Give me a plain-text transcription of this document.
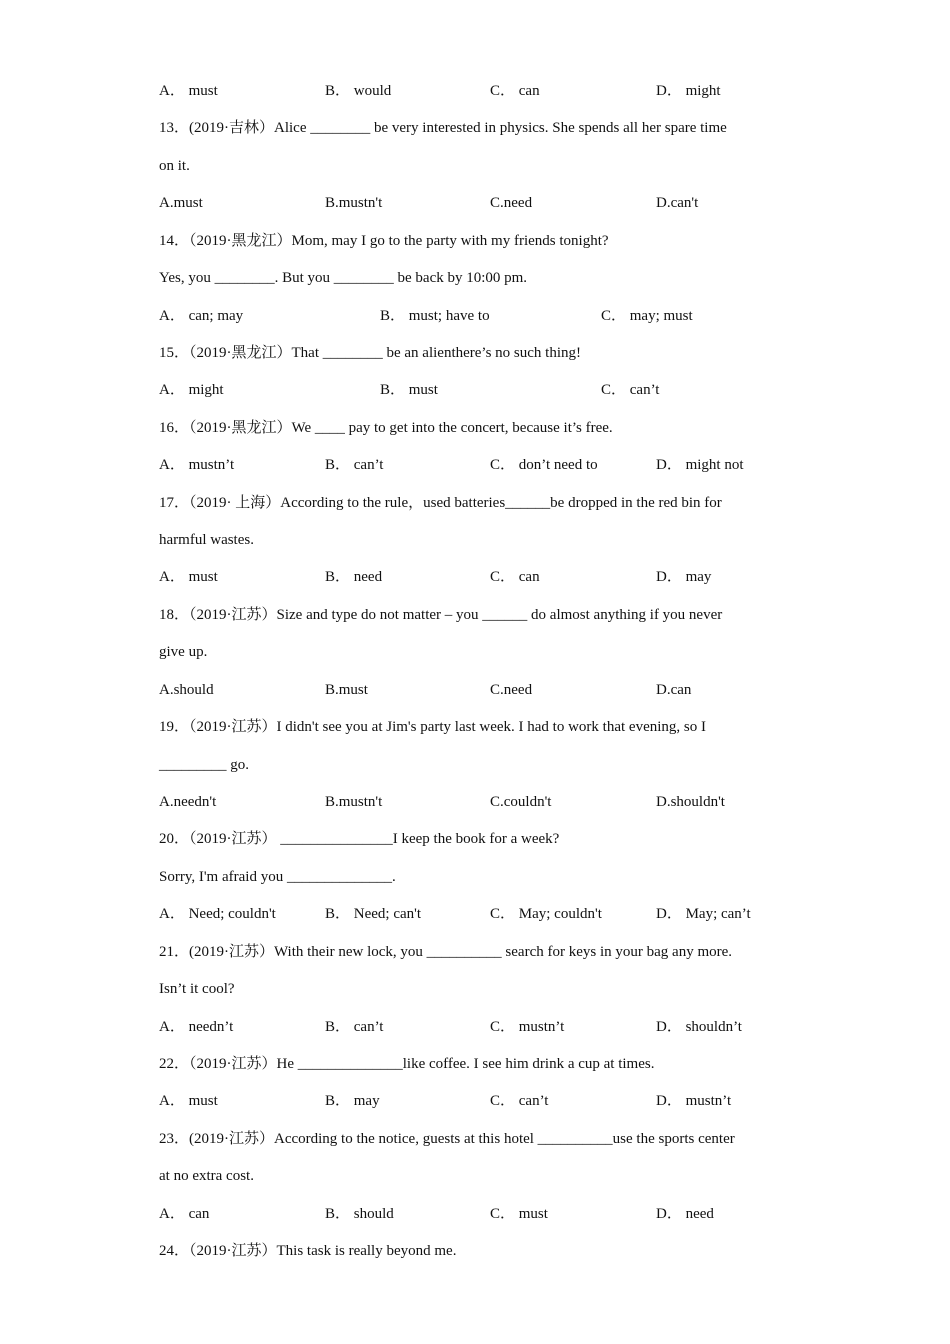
A． must	B． would	C． can	D． might
13．(2019·吉林）Alice ________ be very interested in physics. She spends all her spare time
on it.
A.must	B.mustn't	C.need	D.can't
14．（2019·黑龙江）Mom, may I go to the party with my friends tonight?
Yes, you ________. But you ________ be back by 10:00 pm.
A． can; may	B． must; have to	C． may; must
15．（2019·黑龙江）That ________ be an alienthere’s no such thing!
A． might	B． must	C． can’t
16．（2019·黑龙江）We ____ pay to get into the concert, because it’s free.
A． mustn’t	B． can’t	C． don’t need to	D． might not
17．（2019· 上海）According to the rule，used batteries______be dropped in the red bin for
harmful wastes.
A． must	B． need	C． can	D． may
18．（2019·江苏）Size and type do not matter – you ______ do almost anything if you never
give up.
A.should	B.must	C.need	D.can
19．（2019·江苏）I didn't see you at Jim's party last week. I had to work that evening, so I
_________ go.
A.needn't	B.mustn't	C.couldn't	D.shouldn't
20．（2019·江苏） _______________I keep the book for a week?
Sorry, I'm afraid you ______________.
A． Need; couldn't	B． Need; can't	C． May; couldn't	D． May; can’t
21．(2019·江苏）With their new lock, you __________ search for keys in your bag any more.
Isn’t it cool?
A． needn’t	B． can’t	C． mustn’t	D． shouldn’t
22．（2019·江苏）He ______________like coffee. I see him drink a cup at times.
A． must	B． may	C． can’t	D． mustn’t
23．(2019·江苏）According to the notice, guests at this hotel __________use the sports center
at no extra cost.
A． can	B． should	C． must	D． need
24．（2019·江苏）This task is really beyond me.
